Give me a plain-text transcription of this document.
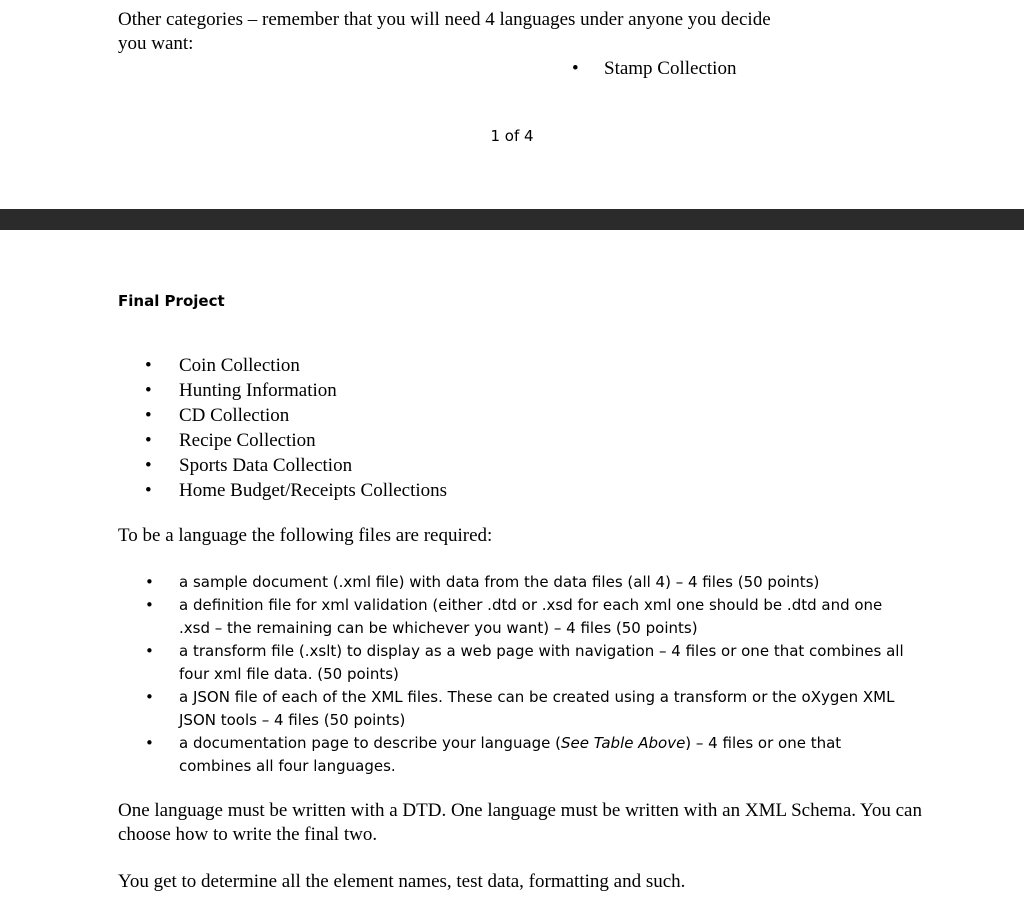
Other categories – remember that you will need 4 languages under anyone you decide you want:
• Stamp Collection
1 of 4
Final Project
• Coin Collection
• Hunting Information
• CD Collection
• Recipe Collection
• Sports Data Collection
• Home Budget/Receipts Collections
To be a language the following files are required:
• a sample document (.xml file) with data from the data files (all 4) – 4 files (50 points)
• a definition file for xml validation (either .dtd or .xsd for each xml one should be .dtd and one .xsd – the remaining can be whichever you want) – 4 files (50 points)
• a transform file (.xslt) to display as a web page with navigation – 4 files or one that combines all four xml file data. (50 points)
• a JSON file of each of the XML files. These can be created using a transform or the oXygen XML JSON tools – 4 files (50 points)
• a documentation page to describe your language (See Table Above) – 4 files or one that combines all four languages.
One language must be written with a DTD. One language must be written with an XML Schema. You can choose how to write the final two.
You get to determine all the element names, test data, formatting and such.
